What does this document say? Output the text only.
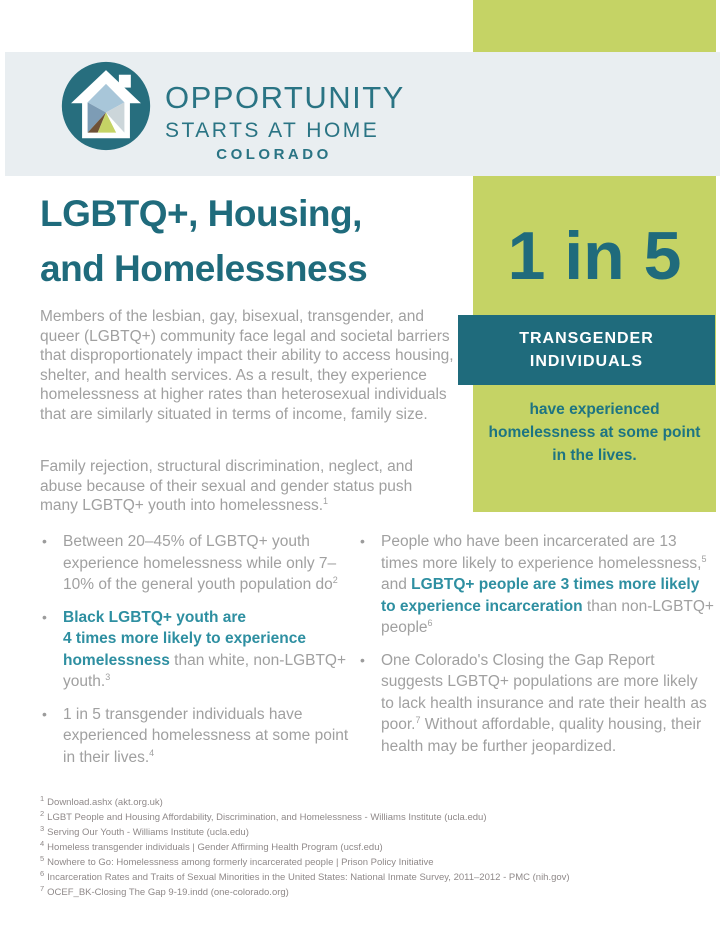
OPPORTUNITY
STARTS AT HOME
COLORADO
LGBTQ+, Housing,
and Homelessness

Members of the lesbian, gay, bisexual, transgender, and queer (LGBTQ+) community face legal and societal barriers that disproportionately impact their ability to access housing, shelter, and health services. As a result, they experience homelessness at higher rates than heterosexual individuals that are similarly situated in terms of income, family size.

Family rejection, structural discrimination, neglect, and abuse because of their sexual and gender status push many LGBTQ+ youth into homelessness.$^1$

1 in 5
TRANSGENDER
INDIVIDUALS
have experienced homelessness at some point in the lives.
• Between 20–45% of LGBTQ+ youth experience homelessness while only 7–10% of the general youth population $do^2$
• Black LGBTQ+ youth are
4 times more likely to experience homelessness than white, non-LGBTQ+ youth.$^3$
• 1 in 5 transgender individuals have experienced homelessness at some point in their lives.$^4$
• People who have been incarcerated are 13 times more likely to experience homelessness,$^5$ and LGBTQ+ people are 3 times more likely to experience incarceration than non-LGBTQ+ people$^6$
• One Colorado's Closing the Gap Report suggests LGBTQ+ populations are more likely to lack health insurance and rate their health as poor.$^7$ Without affordable, quality housing, their health may be further jeopardized.
$^1$ Download.ashx (akt.org.uk)
$^2$ LGBT People and Housing Affordability, Discrimination, and Homelessness - Williams Institute (ucla.edu)
$^3$ Serving Our Youth - Williams Institute (ucla.edu)
$^4$ Homeless transgender individuals | Gender Affirming Health Program (ucsf.edu)
$^5$ Nowhere to Go: Homelessness among formerly incarcerated people | Prison Policy Initiative
$^6$ Incarceration Rates and Traits of Sexual Minorities in the United States: National Inmate Survey, 2011–2012 - PMC (nih.gov)
$^7$ OCEF_BK-Closing The Gap 9-19.indd (one-colorado.org)
